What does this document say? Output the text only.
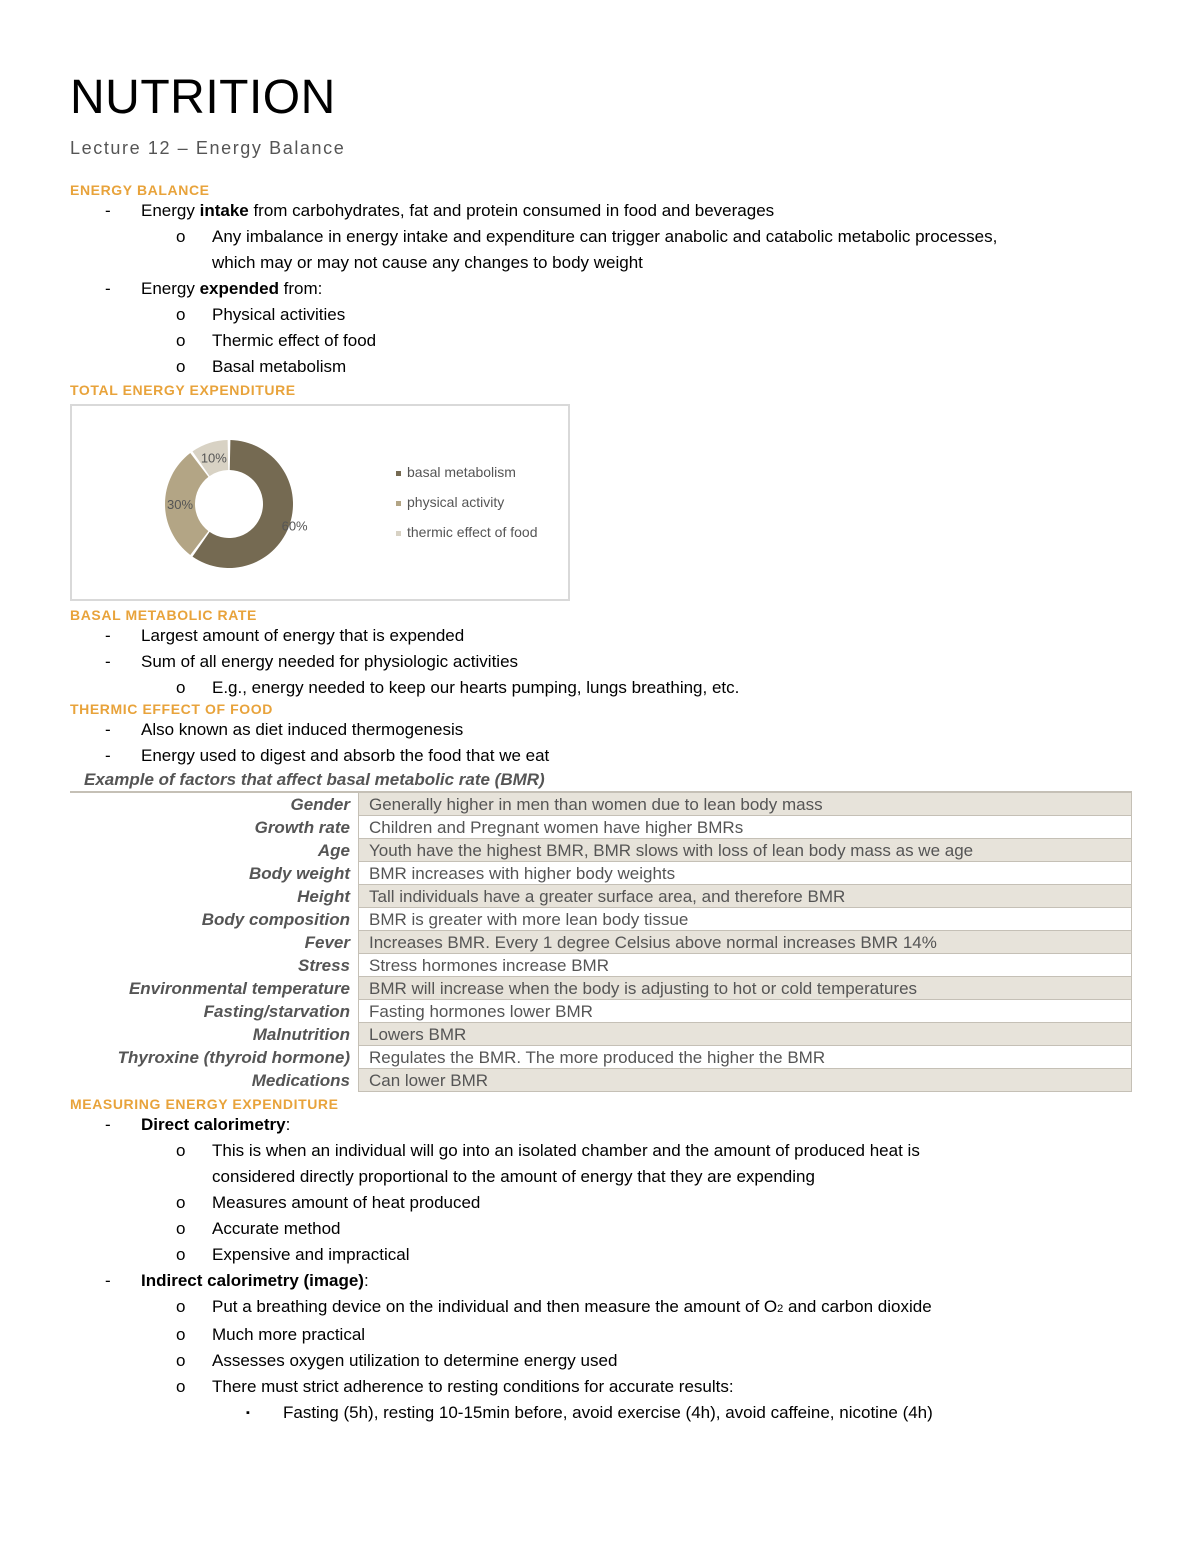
NUTRITION
Lecture 12 – Energy Balance
ENERGY BALANCE
- Energy intake from carbohydrates, fat and protein consumed in food and beverages
o Any imbalance in energy intake and expenditure can trigger anabolic and catabolic metabolic processes,
which may or may not cause any changes to body weight
- Energy expended from:
o Physical activities
o Thermic effect of food
o Basal metabolism
TOTAL ENERGY EXPENDITURE
60%
30%
10%
basal metabolism
physical activity
thermic effect of food
BASAL METABOLIC RATE
- Largest amount of energy that is expended
- Sum of all energy needed for physiologic activities
o E.g., energy needed to keep our hearts pumping, lungs breathing, etc.
THERMIC EFFECT OF FOOD
- Also known as diet induced thermogenesis
- Energy used to digest and absorb the food that we eat
Example of factors that affect basal metabolic rate (BMR)
Gender	Generally higher in men than women due to lean body mass
Growth rate	Children and Pregnant women have higher BMRs
Age	Youth have the highest BMR, BMR slows with loss of lean body mass as we age
Body weight	BMR increases with higher body weights
Height	Tall individuals have a greater surface area, and therefore BMR
Body composition	BMR is greater with more lean body tissue
Fever	Increases BMR. Every 1 degree Celsius above normal increases BMR 14%
Stress	Stress hormones increase BMR
Environmental temperature	BMR will increase when the body is adjusting to hot or cold temperatures
Fasting/starvation	Fasting hormones lower BMR
Malnutrition	Lowers BMR
Thyroxine (thyroid hormone)	Regulates the BMR. The more produced the higher the BMR
Medications	Can lower BMR
MEASURING ENERGY EXPENDITURE
- Direct calorimetry:
o This is when an individual will go into an isolated chamber and the amount of produced heat is
considered directly proportional to the amount of energy that they are expending
o Measures amount of heat produced
o Accurate method
o Expensive and impractical
- Indirect calorimetry (image):
o Put a breathing device on the individual and then measure the amount of O2 and carbon dioxide
o Much more practical
o Assesses oxygen utilization to determine energy used
o There must strict adherence to resting conditions for accurate results:
▪ Fasting (5h), resting 10-15min before, avoid exercise (4h), avoid caffeine, nicotine (4h)
